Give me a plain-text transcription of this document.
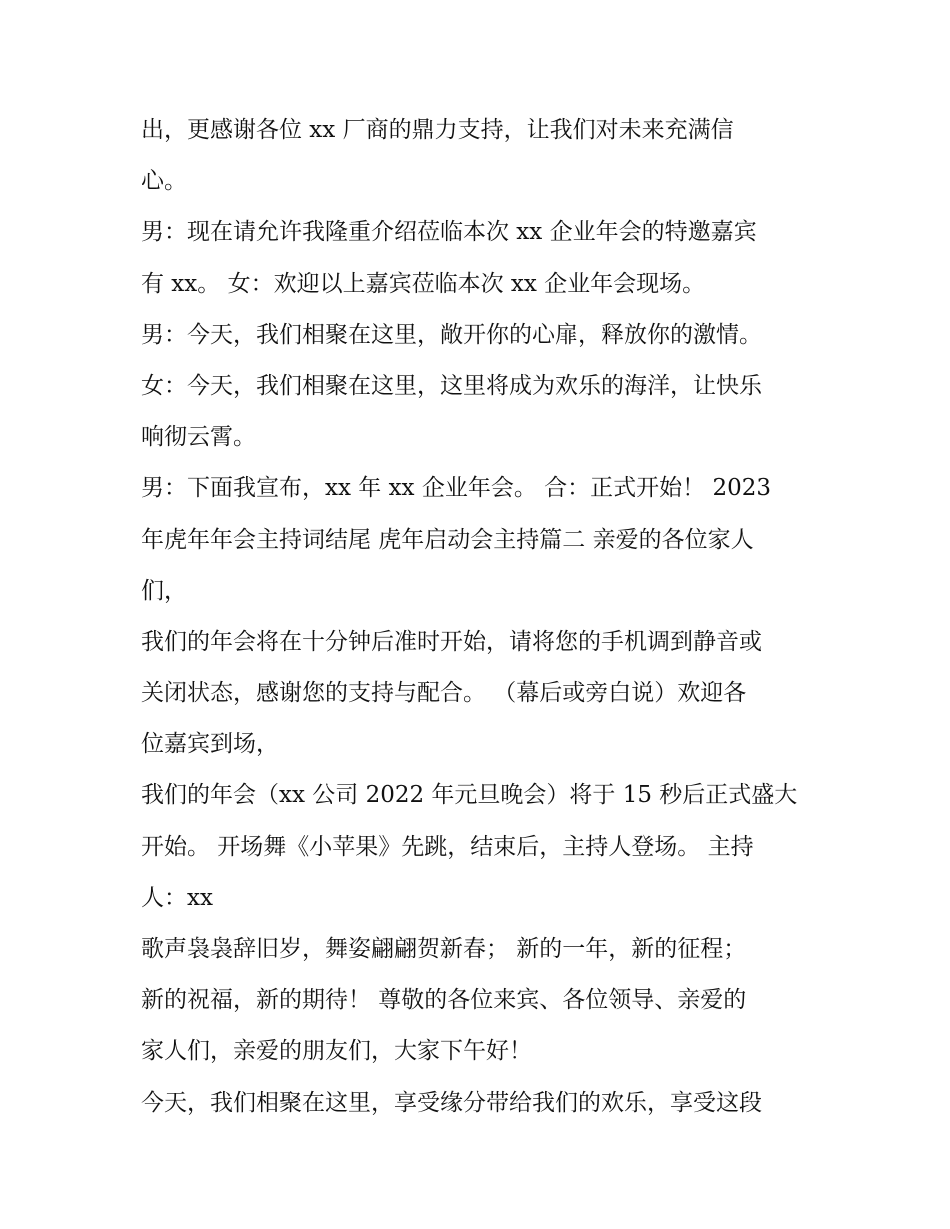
出，更感谢各位 xx 厂商的鼎力支持，让我们对未来充满信
心。
男：现在请允许我隆重介绍莅临本次 xx 企业年会的特邀嘉宾
有 xx。 女：欢迎以上嘉宾莅临本次 xx 企业年会现场。
男：今天，我们相聚在这里，敞开你的心扉，释放你的激情。
女：今天，我们相聚在这里，这里将成为欢乐的海洋，让快乐
响彻云霄。
男：下面我宣布，xx 年 xx 企业年会。 合：正式开始！ 2023
年虎年年会主持词结尾 虎年启动会主持篇二 亲爱的各位家人
们，
我们的年会将在十分钟后准时开始，请将您的手机调到静音或
关闭状态，感谢您的支持与配合。 （幕后或旁白说）欢迎各
位嘉宾到场，
我们的年会（xx 公司 2022 年元旦晚会）将于 15 秒后正式盛大
开始。 开场舞《小苹果》先跳，结束后，主持人登场。 主持
人：xx
歌声袅袅辞旧岁，舞姿翩翩贺新春； 新的一年，新的征程；
新的祝福，新的期待！ 尊敬的各位来宾、各位领导、亲爱的
家人们，亲爱的朋友们，大家下午好！
今天，我们相聚在这里，享受缘分带给我们的欢乐，享受这段
